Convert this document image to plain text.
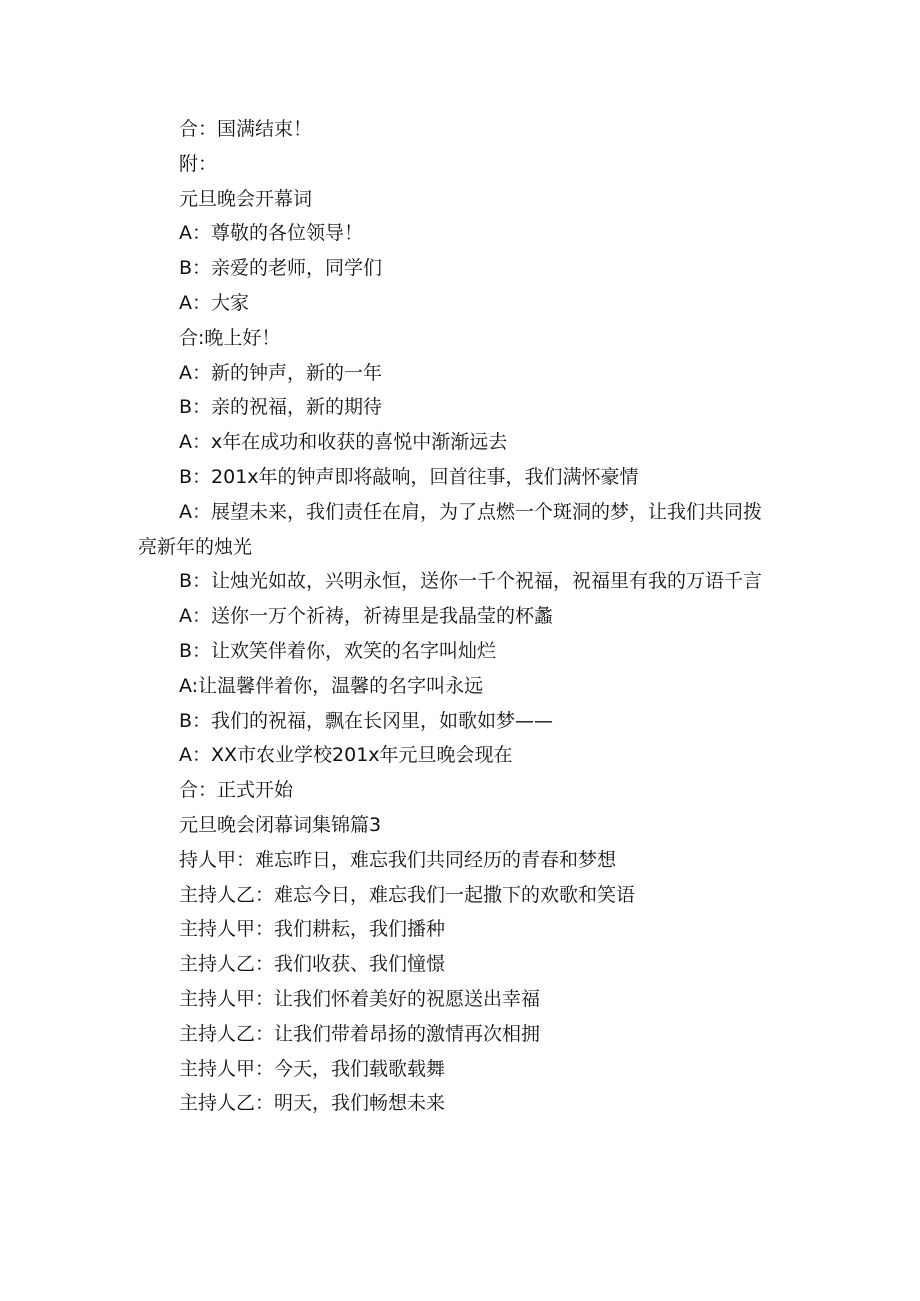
合：国满结束！
附：
元旦晚会开幕词
A：尊敬的各位领导！
B：亲爱的老师，同学们
A：大家
合:晚上好！
A：新的钟声，新的一年
B：亲的祝福，新的期待
A：x年在成功和收获的喜悦中渐渐远去
B：201x年的钟声即将敲响，回首往事，我们满怀豪情
A：展望未来，我们责任在肩，为了点燃一个斑洞的梦，让我们共同拨亮新年的烛光
B：让烛光如故，兴明永恒，送你一千个祝福，祝福里有我的万语千言
A：送你一万个祈祷，祈祷里是我晶莹的杯蠡
B：让欢笑伴着你，欢笑的名字叫灿烂
A:让温馨伴着你，温馨的名字叫永远
B：我们的祝福，飘在长冈里，如歌如梦——
A：XX市农业学校201x年元旦晚会现在
合：正式开始
元旦晚会闭幕词集锦篇3
持人甲：难忘昨日，难忘我们共同经历的青春和梦想
主持人乙：难忘今日，难忘我们一起撒下的欢歌和笑语
主持人甲：我们耕耘，我们播种
主持人乙：我们收获、我们憧憬
主持人甲：让我们怀着美好的祝愿送出幸福
主持人乙：让我们带着昂扬的激情再次相拥
主持人甲：今天，我们载歌载舞
主持人乙：明天，我们畅想未来
